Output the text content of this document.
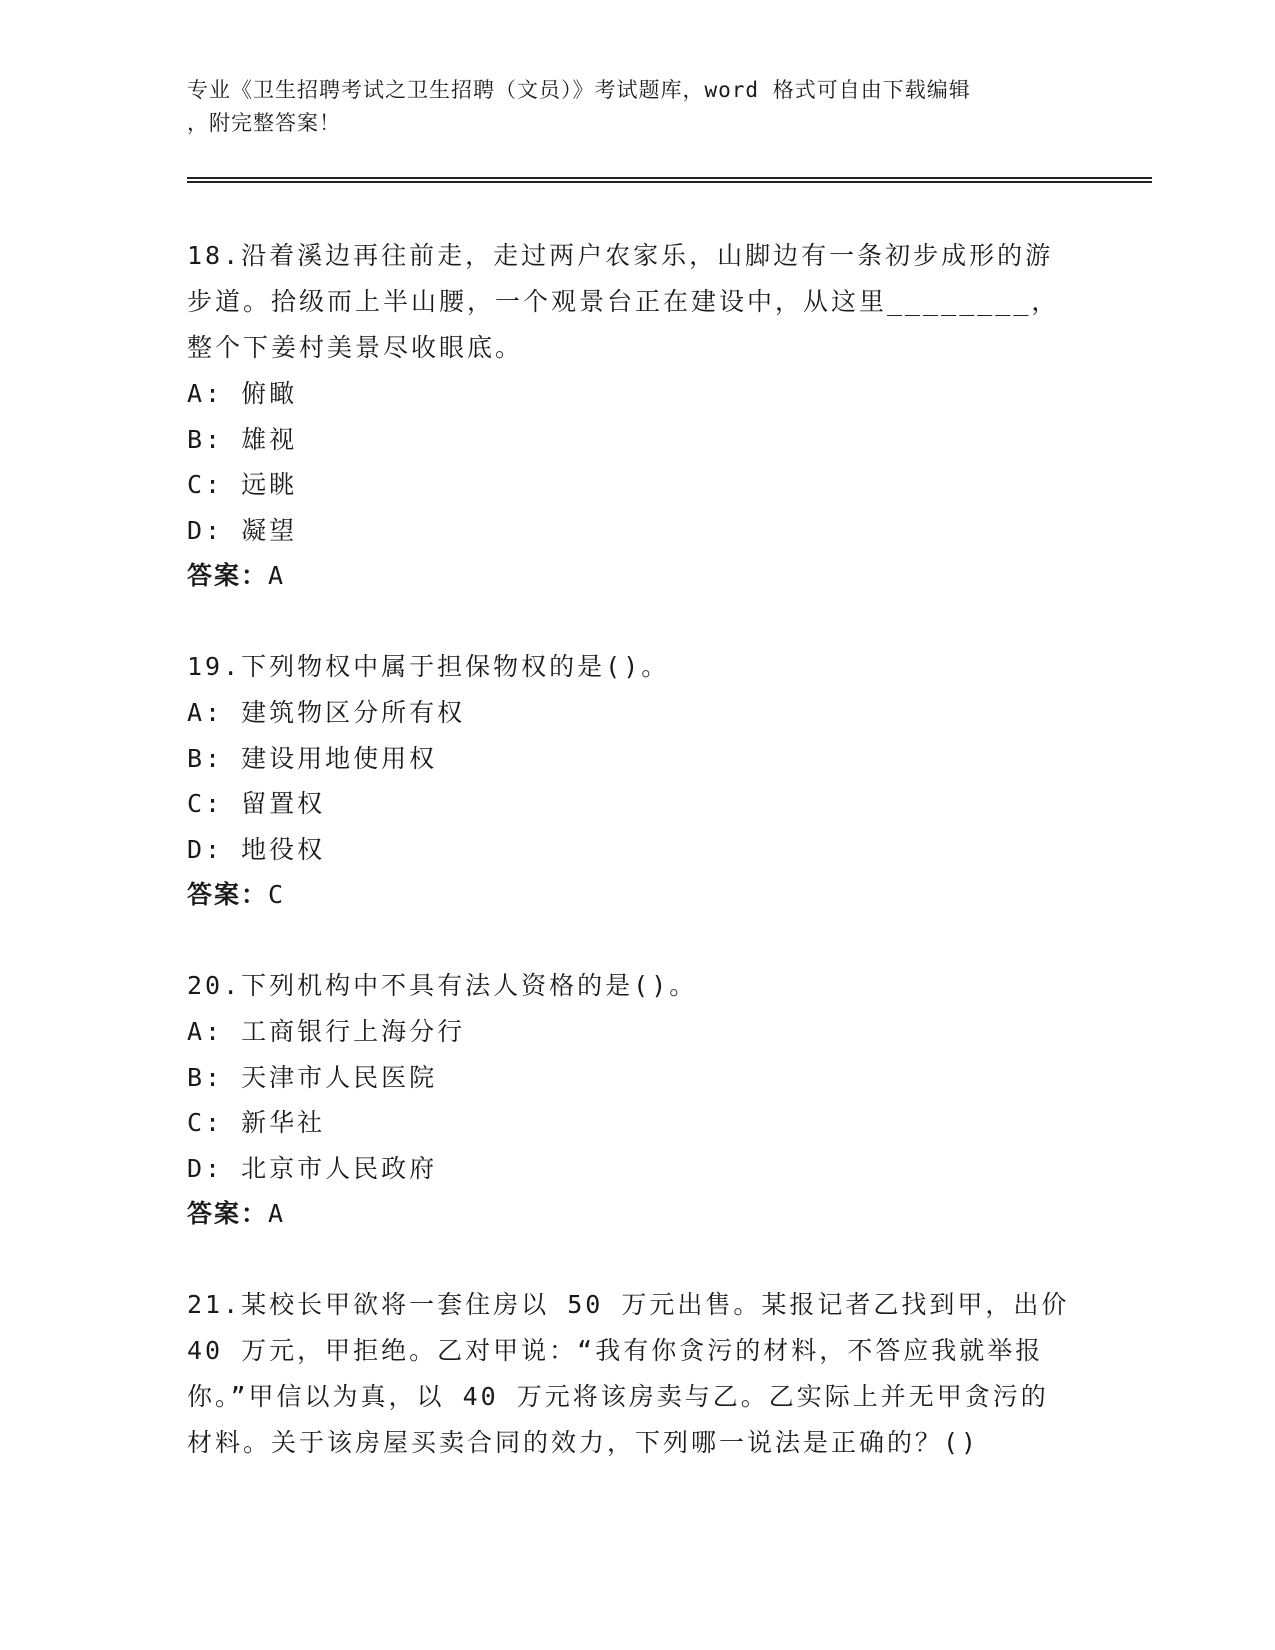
专业《卫生招聘考试之卫生招聘（文员）》考试题库，word 格式可自由下载编辑
，附完整答案！
18.沿着溪边再往前走，走过两户农家乐，山脚边有一条初步成形的游
步道。拾级而上半山腰，一个观景台正在建设中，从这里________，
整个下姜村美景尽收眼底。
A: 俯瞰
B: 雄视
C: 远眺
D: 凝望
答案：A
19.下列物权中属于担保物权的是()。
A: 建筑物区分所有权
B: 建设用地使用权
C: 留置权
D: 地役权
答案：C
20.下列机构中不具有法人资格的是()。
A: 工商银行上海分行
B: 天津市人民医院
C: 新华社
D: 北京市人民政府
答案：A
21.某校长甲欲将一套住房以 50 万元出售。某报记者乙找到甲，出价
40 万元，甲拒绝。乙对甲说：“我有你贪污的材料，不答应我就举报
你。”甲信以为真，以 40 万元将该房卖与乙。乙实际上并无甲贪污的
材料。关于该房屋买卖合同的效力，下列哪一说法是正确的？()
